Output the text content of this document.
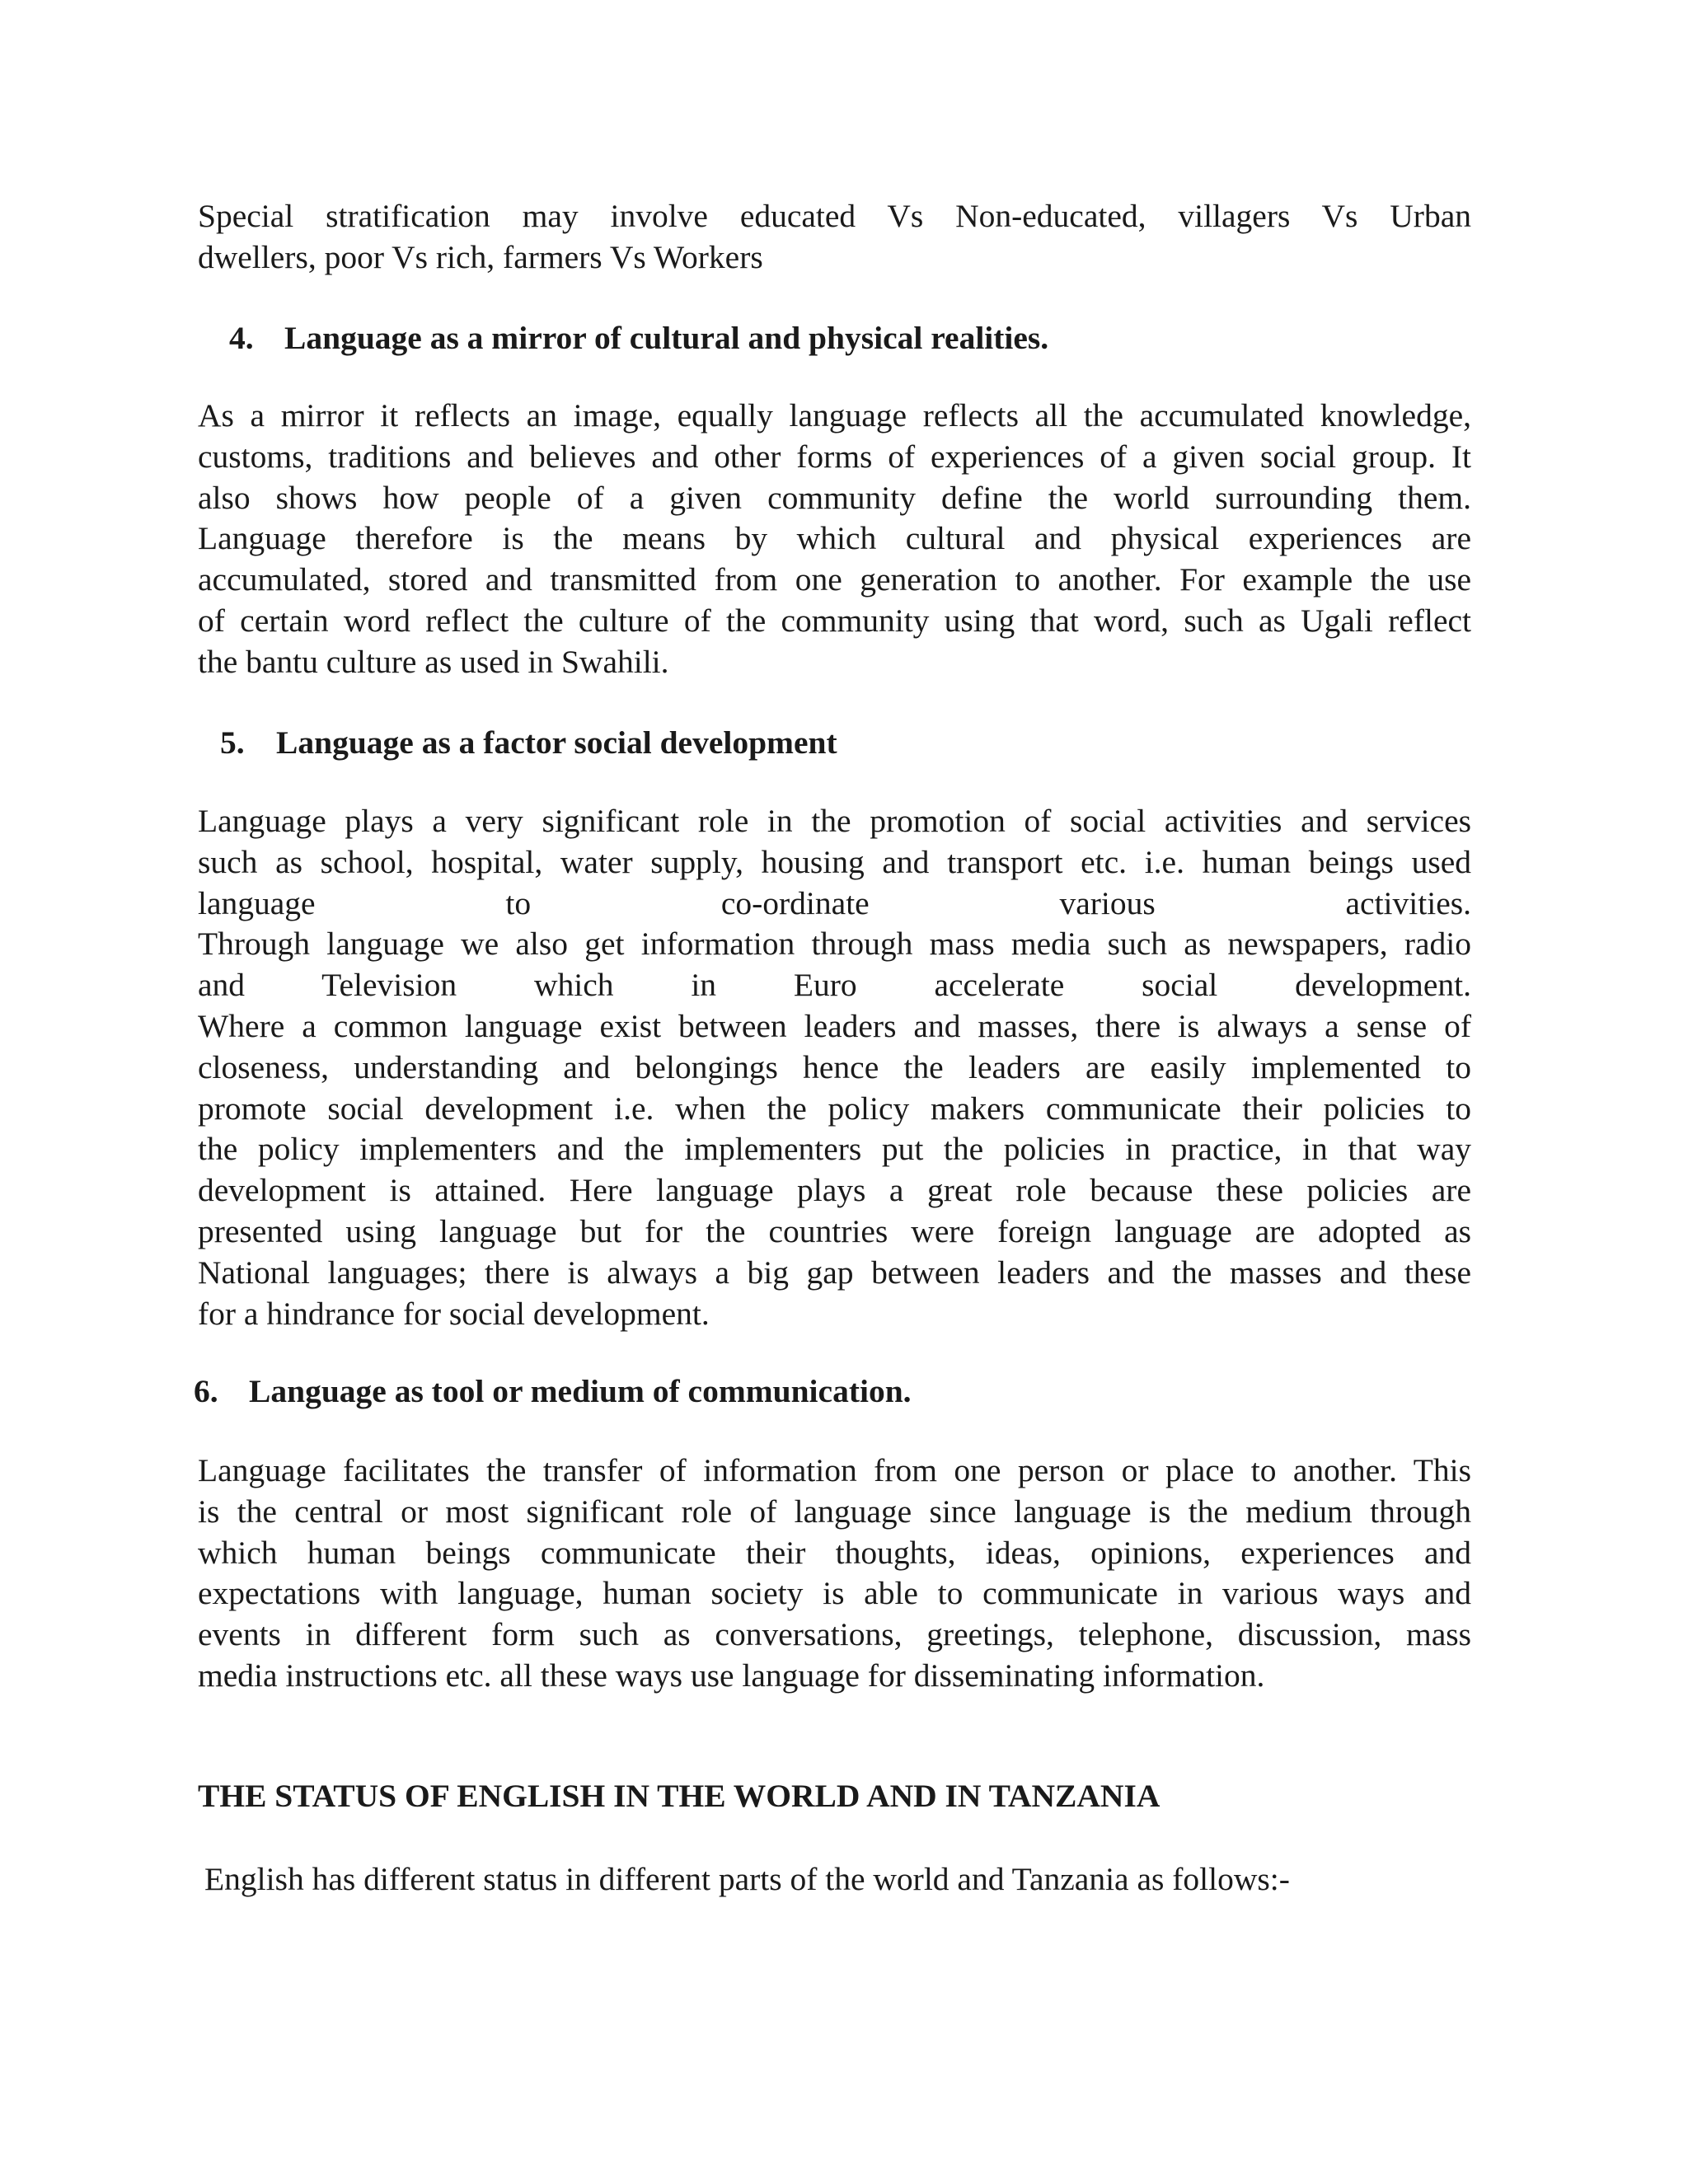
Special stratification may involve educated Vs Non-educated, villagers Vs Urban
dwellers, poor Vs rich, farmers Vs Workers
4. Language as a mirror of cultural and physical realities.
As a mirror it reflects an image, equally language reflects all the accumulated knowledge,
customs, traditions and believes and other forms of experiences of a given social group. It
also shows how people of a given community define the world surrounding them.
Language therefore is the means by which cultural and physical experiences are
accumulated, stored and transmitted from one generation to another. For example the use
of certain word reflect the culture of the community using that word, such as Ugali reflect
the bantu culture as used in Swahili.
5. Language as a factor social development
Language plays a very significant role in the promotion of social activities and services
such as school, hospital, water supply, housing and transport etc. i.e. human beings used
language to co-ordinate various activities.
Through language we also get information through mass media such as newspapers, radio
and Television which in Euro accelerate social development.
Where a common language exist between leaders and masses, there is always a sense of
closeness, understanding and belongings hence the leaders are easily implemented to
promote social development i.e. when the policy makers communicate their policies to
the policy implementers and the implementers put the policies in practice, in that way
development is attained. Here language plays a great role because these policies are
presented using language but for the countries were foreign language are adopted as
National languages; there is always a big gap between leaders and the masses and these
for a hindrance for social development.
6. Language as tool or medium of communication.
Language facilitates the transfer of information from one person or place to another. This
is the central or most significant role of language since language is the medium through
which human beings communicate their thoughts, ideas, opinions, experiences and
expectations with language, human society is able to communicate in various ways and
events in different form such as conversations, greetings, telephone, discussion, mass
media instructions etc. all these ways use language for disseminating information.
THE STATUS OF ENGLISH IN THE WORLD AND IN TANZANIA
English has different status in different parts of the world and Tanzania as follows:-
